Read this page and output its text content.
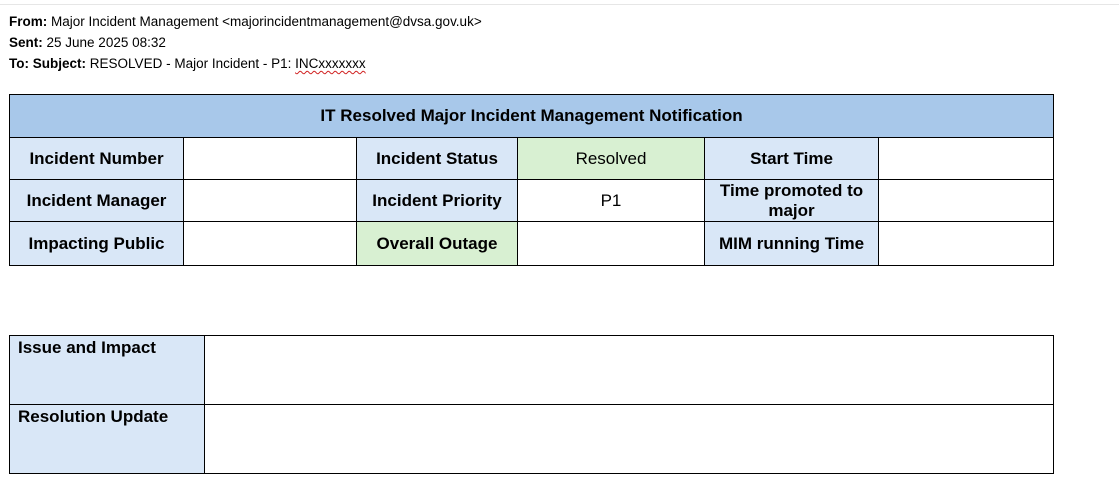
From: Major Incident Management <majorincidentmanagement@dvsa.gov.uk>
Sent: 25 June 2025 08:32
To: Subject: RESOLVED - Major Incident - P1: INCxxxxxxx
IT Resolved Major Incident Management Notification					
Incident Number		Incident Status	Resolved	Start Time	
Incident Manager		Incident Priority	P1	Time promoted to major	
Impacting Public		Overall Outage		MIM running Time	
Issue and Impact	
Resolution Update	
